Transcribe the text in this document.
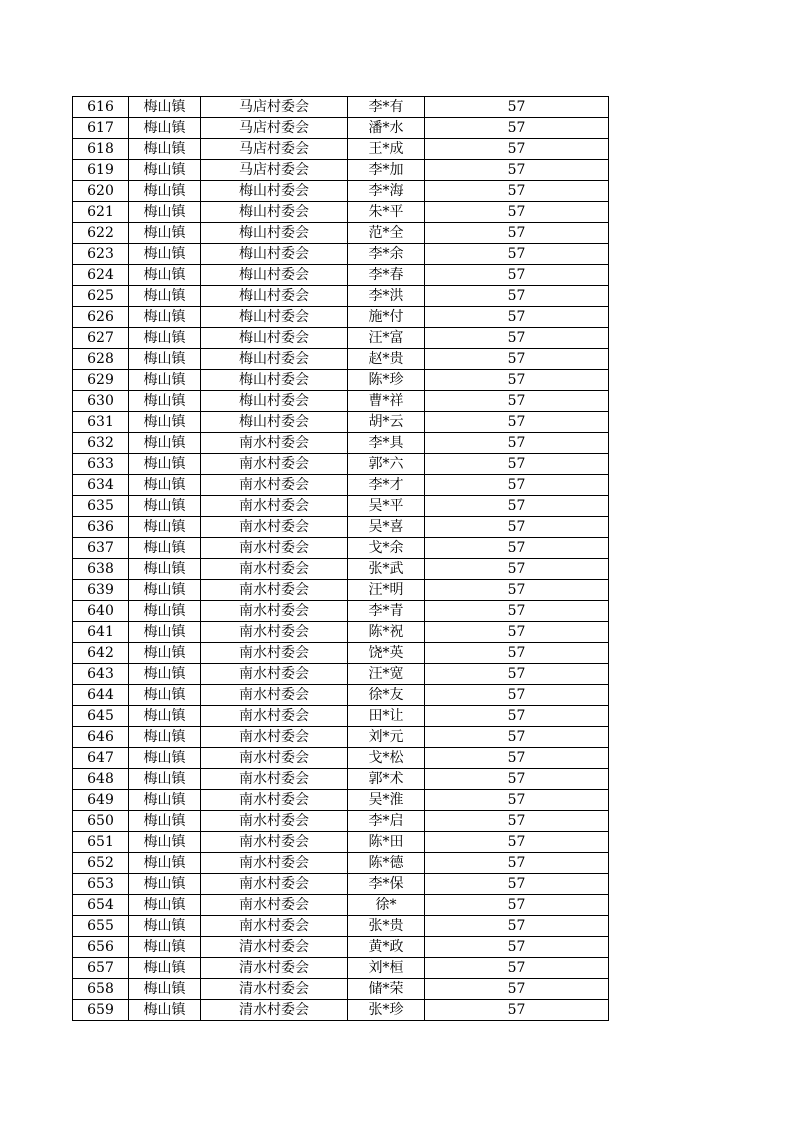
616	梅山镇	马店村委会	李*有	57
617	梅山镇	马店村委会	潘*水	57
618	梅山镇	马店村委会	王*成	57
619	梅山镇	马店村委会	李*加	57
620	梅山镇	梅山村委会	李*海	57
621	梅山镇	梅山村委会	朱*平	57
622	梅山镇	梅山村委会	范*全	57
623	梅山镇	梅山村委会	李*余	57
624	梅山镇	梅山村委会	李*春	57
625	梅山镇	梅山村委会	李*洪	57
626	梅山镇	梅山村委会	施*付	57
627	梅山镇	梅山村委会	汪*富	57
628	梅山镇	梅山村委会	赵*贵	57
629	梅山镇	梅山村委会	陈*珍	57
630	梅山镇	梅山村委会	曹*祥	57
631	梅山镇	梅山村委会	胡*云	57
632	梅山镇	南水村委会	李*具	57
633	梅山镇	南水村委会	郭*六	57
634	梅山镇	南水村委会	李*才	57
635	梅山镇	南水村委会	吴*平	57
636	梅山镇	南水村委会	吴*喜	57
637	梅山镇	南水村委会	戈*余	57
638	梅山镇	南水村委会	张*武	57
639	梅山镇	南水村委会	汪*明	57
640	梅山镇	南水村委会	李*青	57
641	梅山镇	南水村委会	陈*祝	57
642	梅山镇	南水村委会	饶*英	57
643	梅山镇	南水村委会	汪*宽	57
644	梅山镇	南水村委会	徐*友	57
645	梅山镇	南水村委会	田*让	57
646	梅山镇	南水村委会	刘*元	57
647	梅山镇	南水村委会	戈*松	57
648	梅山镇	南水村委会	郭*术	57
649	梅山镇	南水村委会	吴*淮	57
650	梅山镇	南水村委会	李*启	57
651	梅山镇	南水村委会	陈*田	57
652	梅山镇	南水村委会	陈*德	57
653	梅山镇	南水村委会	李*保	57
654	梅山镇	南水村委会	徐*	57
655	梅山镇	南水村委会	张*贵	57
656	梅山镇	清水村委会	黄*政	57
657	梅山镇	清水村委会	刘*桓	57
658	梅山镇	清水村委会	储*荣	57
659	梅山镇	清水村委会	张*珍	57
